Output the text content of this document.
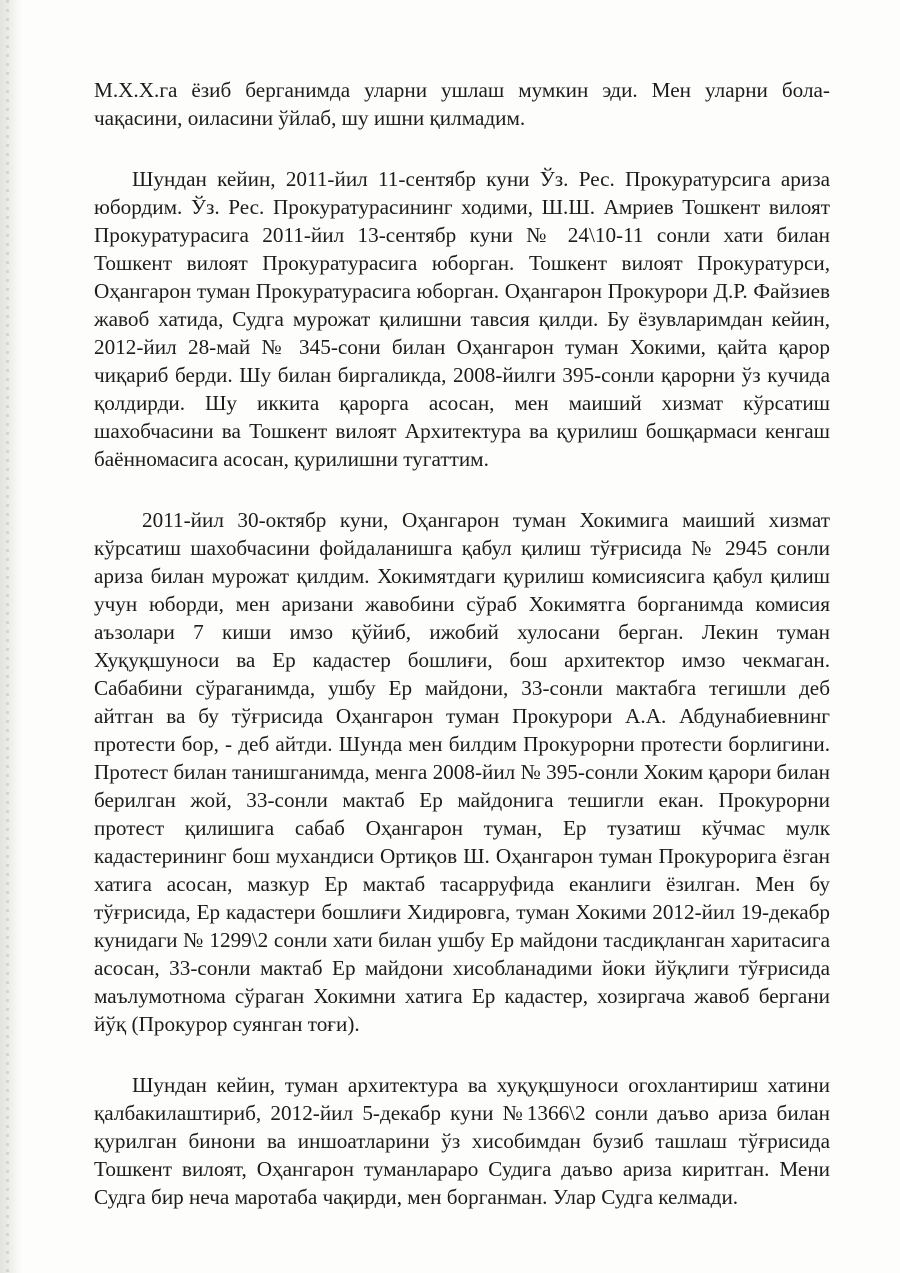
М.Х.Х.га ёзиб берганимда уларни ушлаш мумкин эди. Мен уларни бола-чақасини, оиласини ўйлаб, шу ишни қилмадим.

Шундан кейин, 2011-йил 11-сентябр куни Ўз. Рес. Прокуратурсига ариза юбордим. Ўз. Рес. Прокуратурасининг ходими, Ш.Ш. Амриев Тошкент вилоят Прокуратурасига 2011-йил 13-сентябр куни № 24\10-11 сонли хати билан Тошкент вилоят Прокуратурасига юборган. Тошкент вилоят Прокуратурси, Оҳангарон туман Прокуратурасига юборган. Оҳангарон Прокурори Д.Р. Файзиев жавоб хатида, Судга мурожат қилишни тавсия қилди. Бу ёзувларимдан кейин, 2012-йил 28-май № 345-сони билан Оҳангарон туман Хокими, қайта қарор чиқариб берди. Шу билан биргаликда, 2008-йилги 395-сонли қарорни ўз кучида қолдирди. Шу иккита қарорга асосан, мен маиший хизмат кўрсатиш шахобчасини ва Тошкент вилоят Архитектура ва қурилиш бошқармаси кенгаш баённомасига асосан, қурилишни тугаттим.

2011-йил 30-октябр куни, Оҳангарон туман Хокимига маиший хизмат кўрсатиш шахобчасини фойдаланишга қабул қилиш тўғрисида № 2945 сонли ариза билан мурожат қилдим. Хокимятдаги қурилиш комисиясига қабул қилиш учун юборди, мен аризани жавобини сўраб Хокимятга борганимда комисия аъзолари 7 киши имзо қўйиб, ижобий хулосани берган. Лекин туман Хуқуқшуноси ва Ер кадастер бошлиғи, бош архитектор имзо чекмаган. Сабабини сўраганимда, ушбу Ер майдони, 33-сонли мактабга тегишли деб айтган ва бу тўғрисида Оҳангарон туман Прокурори А.А. Абдунабиевнинг протести бор, - деб айтди. Шунда мен билдим Прокурорни протести борлигини. Протест билан танишганимда, менга 2008-йил № 395-сонли Хоким қарори билан берилган жой, 33-сонли мактаб Ер майдонига тешигли екан. Прокурорни протест қилишига сабаб Оҳангарон туман, Ер тузатиш кўчмас мулк кадастерининг бош мухандиси Ортиқов Ш. Оҳангарон туман Прокурорига ёзган хатига асосан, мазкур Ер мактаб тасарруфида еканлиги ёзилган. Мен бу тўғрисида, Ер кадастери бошлиғи Хидировга, туман Хокими 2012-йил 19-декабр кунидаги № 1299\2 сонли хати билан ушбу Ер майдони тасдиқланган харитасига асосан, 33-сонли мактаб Ер майдони хисобланадими йоки йўқлиги тўғрисида маълумотнома сўраган Хокимни хатига Ер кадастер, хозиргача жавоб бергани йўқ (Прокурор суянган тоғи).

Шундан кейин, туман архитектура ва хуқуқшуноси огохлантириш хатини қалбакилаштириб, 2012-йил 5-декабр куни №1366\2 сонли даъво ариза билан қурилган бинони ва иншоатларини ўз хисобимдан бузиб ташлаш тўғрисида Тошкент вилоят, Оҳангарон туманлараро Судига даъво ариза киритган. Мени Судга бир неча маротаба чақирди, мен борганман. Улар Судга келмади.
